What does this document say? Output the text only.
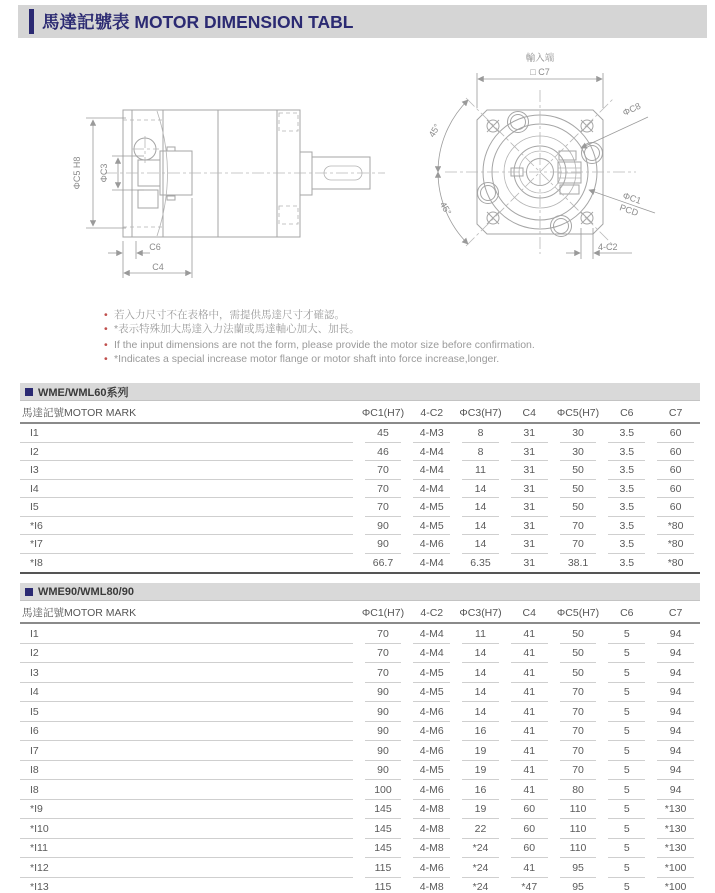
馬達記號表 MOTOR DIMENSION TABL
ΦC5 H8 ΦC3
C6
C4
輸入端
□ C7
ΦC8
ΦC1
PCD
4-C2
45°
45°
• 若入力尺寸不在表格中，需提供馬達尺寸才確認。
• *表示特殊加大馬達入力法蘭或馬達軸心加大、加長。
• If the input dimensions are not the form, please provide the motor size before confirmation.
• *Indicates a special increase motor flange or motor shaft into force increase,longer.
WME/WML60系列
馬達記號MOTOR MARK	ΦC1(H7)	4-C2	ΦC3(H7)	C4	ΦC5(H7)	C6	C7
I1	45	4-M3	8	31	30	3.5	60
I2	46	4-M4	8	31	30	3.5	60
I3	70	4-M4	11	31	50	3.5	60
I4	70	4-M4	14	31	50	3.5	60
I5	70	4-M5	14	31	50	3.5	60
*I6	90	4-M5	14	31	70	3.5	*80
*I7	90	4-M6	14	31	70	3.5	*80
*I8	66.7	4-M4	6.35	31	38.1	3.5	*80
WME90/WML80/90
馬達記號MOTOR MARK	ΦC1(H7)	4-C2	ΦC3(H7)	C4	ΦC5(H7)	C6	C7
I1	70	4-M4	11	41	50	5	94
I2	70	4-M4	14	41	50	5	94
I3	70	4-M5	14	41	50	5	94
I4	90	4-M5	14	41	70	5	94
I5	90	4-M6	14	41	70	5	94
I6	90	4-M6	16	41	70	5	94
I7	90	4-M6	19	41	70	5	94
I8	90	4-M5	19	41	70	5	94
I8	100	4-M6	16	41	80	5	94
*I9	145	4-M8	19	60	110	5	*130
*I10	145	4-M8	22	60	110	5	*130
*I11	145	4-M8	*24	60	110	5	*130
*I12	115	4-M6	*24	41	95	5	*100
*I13	115	4-M8	*24	*47	95	5	*100
